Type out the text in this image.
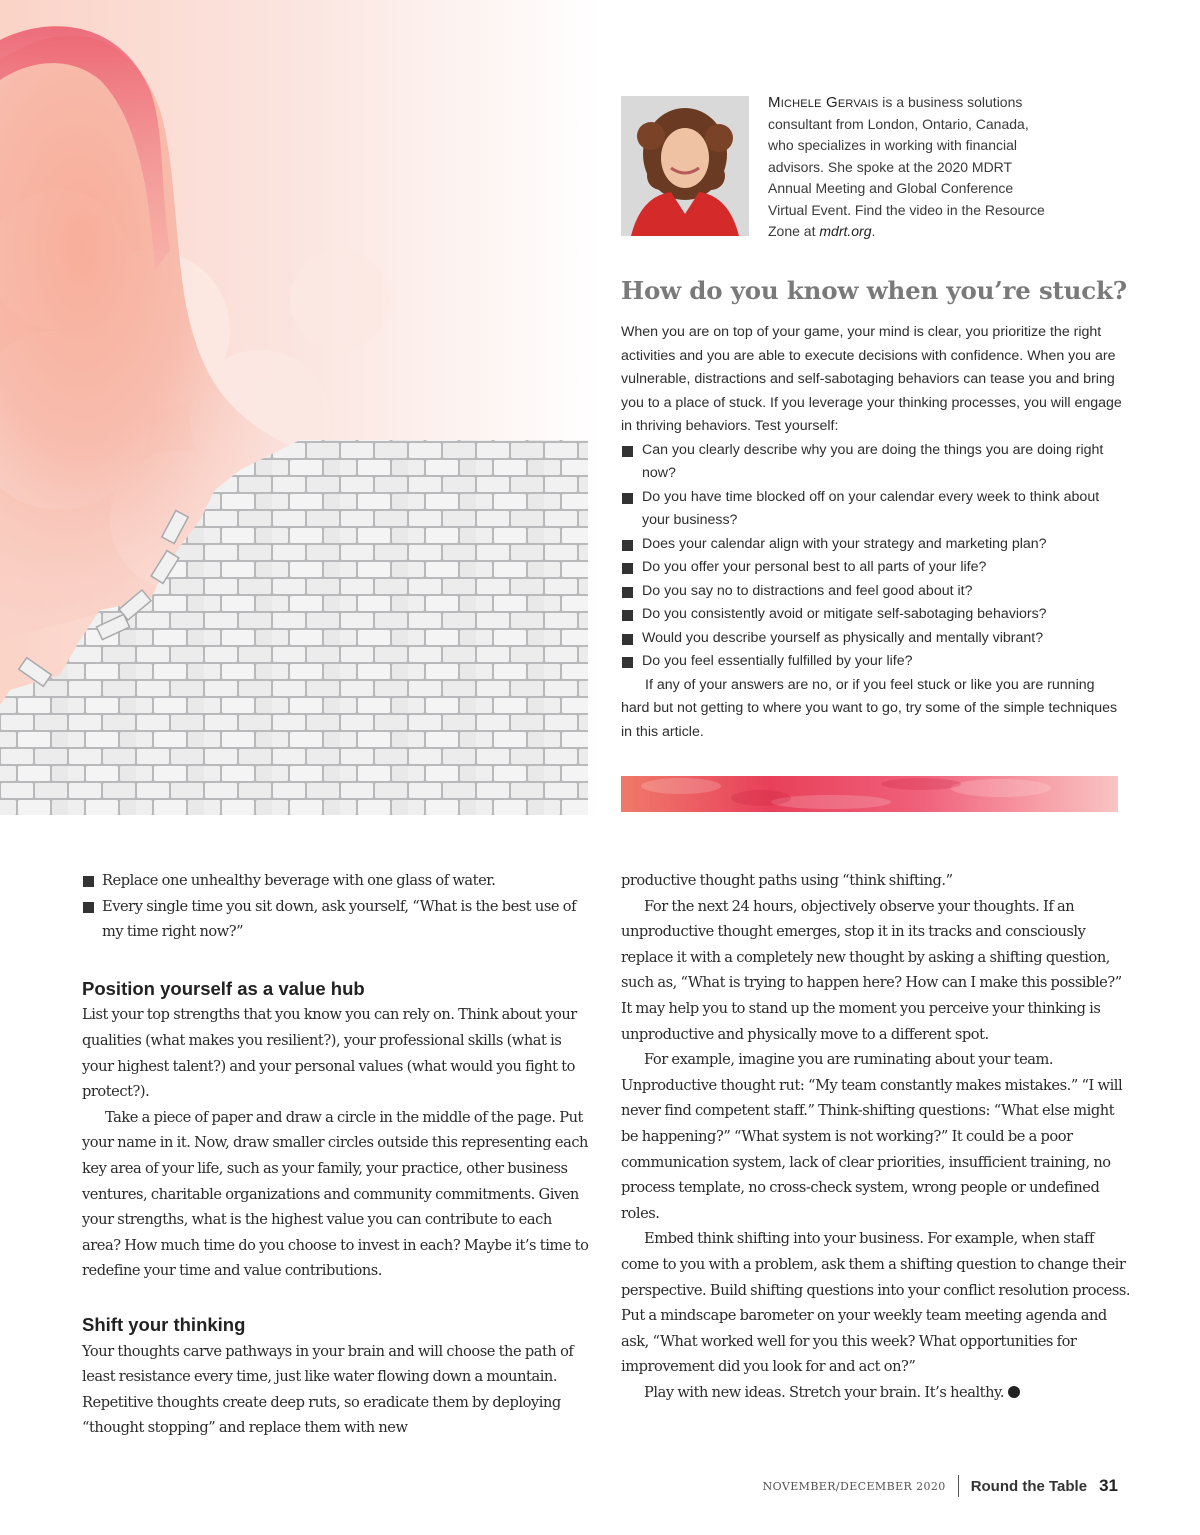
Michele Gervais is a business solutions consultant from London, Ontario, Canada, who specializes in working with financial advisors. She spoke at the 2020 MDRT Annual Meeting and Global Conference Virtual Event. Find the video in the Resource Zone at mdrt.org.
How do you know when you’re stuck?

When you are on top of your game, your mind is clear, you prioritize the right activities and you are able to execute decisions with confidence. When you are vulnerable, distractions and self-sabotaging behaviors can tease you and bring you to a place of stuck. If you leverage your thinking processes, you will engage in thriving behaviors. Test yourself:

Can you clearly describe why you are doing the things you are doing right now?
Do you have time blocked off on your calendar every week to think about your business?
Does your calendar align with your strategy and marketing plan?
Do you offer your personal best to all parts of your life?
Do you say no to distractions and feel good about it?
Do you consistently avoid or mitigate self-sabotaging behaviors?
Would you describe yourself as physically and mentally vibrant?
Do you feel essentially fulfilled by your life?

If any of your answers are no, or if you feel stuck or like you are running hard but not getting to where you want to go, try some of the simple techniques in this article.

Replace one unhealthy beverage with one glass of water.
Every single time you sit down, ask yourself, “What is the best use of my time right now?”
Position yourself as a value hub

List your top strengths that you know you can rely on. Think about your qualities (what makes you resilient?), your professional skills (what is your highest talent?) and your personal values (what would you fight to protect?).

Take a piece of paper and draw a circle in the middle of the page. Put your name in it. Now, draw smaller circles outside this representing each key area of your life, such as your family, your practice, other business ventures, charitable organizations and community commitments. Given your strengths, what is the highest value you can contribute to each area? How much time do you choose to invest in each? Maybe it’s time to redefine your time and value contributions.

Shift your thinking

Your thoughts carve pathways in your brain and will choose the path of least resistance every time, just like water flowing down a mountain. Repetitive thoughts create deep ruts, so eradicate them by deploying “thought stopping” and replace them with new

productive thought paths using “think shifting.”

For the next 24 hours, objectively observe your thoughts. If an unproductive thought emerges, stop it in its tracks and consciously replace it with a completely new thought by asking a shifting question, such as, “What is trying to happen here? How can I make this possible?” It may help you to stand up the moment you perceive your thinking is unproductive and physically move to a different spot.

For example, imagine you are ruminating about your team. Unproductive thought rut: “My team constantly makes mistakes.” “I will never find competent staff.” Think-shifting questions: “What else might be happening?” “What system is not working?” It could be a poor communication system, lack of clear priorities, insufficient training, no process template, no cross-check system, wrong people or undefined roles.

Embed think shifting into your business. For example, when staff come to you with a problem, ask them a shifting question to change their perspective. Build shifting questions into your conflict resolution process. Put a mindscape barometer on your weekly team meeting agenda and ask, “What worked well for you this week? What opportunities for improvement did you look for and act on?”

Play with new ideas. Stretch your brain. It’s healthy.

NOVEMBER/DECEMBER 2020 Round the Table 31
